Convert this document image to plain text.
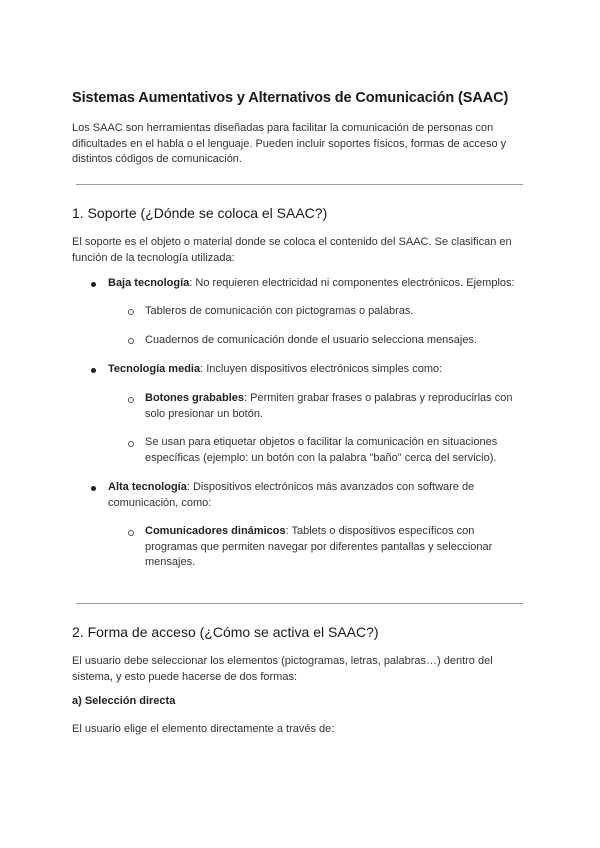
Sistemas Aumentativos y Alternativos de Comunicación (SAAC)

Los SAAC son herramientas diseñadas para facilitar la comunicación de personas con dificultades en el habla o el lenguaje. Pueden incluir soportes físicos, formas de acceso y distintos códigos de comunicación.

1. Soporte (¿Dónde se coloca el SAAC?)

El soporte es el objeto o material donde se coloca el contenido del SAAC. Se clasifican en función de la tecnología utilizada:

Baja tecnología: No requieren electricidad ni componentes electrónicos. Ejemplos:

Tableros de comunicación con pictogramas o palabras.

Cuadernos de comunicación donde el usuario selecciona mensajes.

Tecnología media: Incluyen dispositivos electrónicos simples como:

Botones grabables: Permiten grabar frases o palabras y reproducirlas con solo presionar un botón.

Se usan para etiquetar objetos o facilitar la comunicación en situaciones específicas (ejemplo: un botón con la palabra "baño" cerca del servicio).

Alta tecnología: Dispositivos electrónicos más avanzados con software de comunicación, como:

Comunicadores dinámicos: Tablets o dispositivos específicos con programas que permiten navegar por diferentes pantallas y seleccionar mensajes.

2. Forma de acceso (¿Cómo se activa el SAAC?)

El usuario debe seleccionar los elementos (pictogramas, letras, palabras…) dentro del sistema, y esto puede hacerse de dos formas:

a) Selección directa

El usuario elige el elemento directamente a través de:
